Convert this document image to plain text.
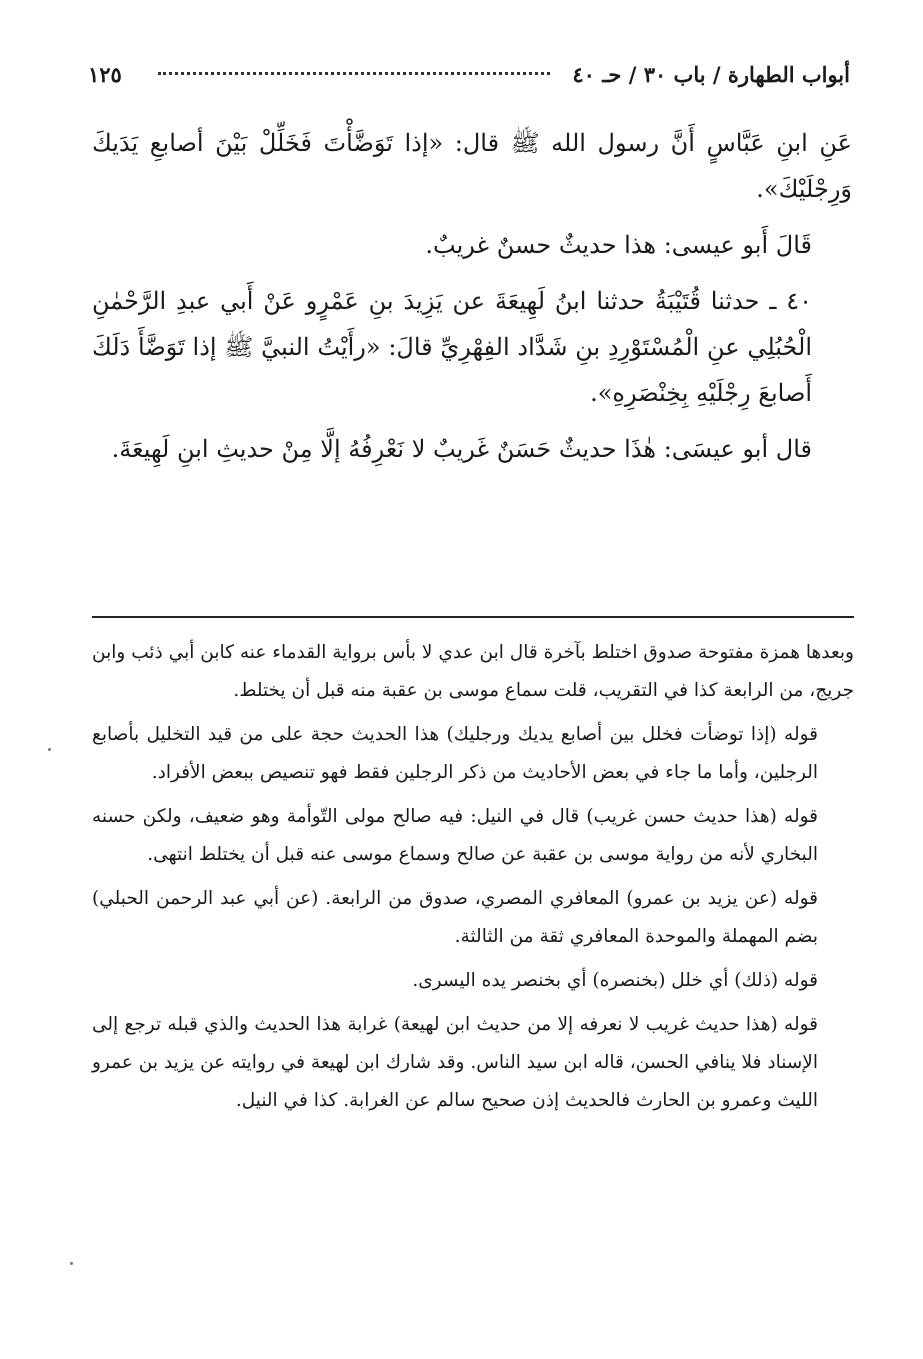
أبواب الطهارة / باب ٣٠ / حـ ٤٠
١٢٥

عَنِ ابنِ عَبَّاسٍ أَنَّ رسول الله ﷺ قال: «إذا تَوَضَّأْتَ فَخَلِّلْ بَيْنَ أصابعِ يَدَيكَ وَرِجْلَيْكَ».

قَالَ أَبو عيسى: هذا حديثٌ حسنٌ غريبٌ.

٤٠ ـ حدثنا قُتَيْبَةُ حدثنا ابنُ لَهِيعَةَ عن يَزِيدَ بنِ عَمْرٍو عَنْ أَبي عبدِ الرَّحْمٰنِ الْحُبُلِي عنِ الْمُسْتَوْرِدِ بنِ شَدَّاد الفِهْرِيِّ قالَ: «رأَيْتُ النبيَّ ﷺ إذا تَوَضَّأَ دَلَكَ أَصابعَ رِجْلَيْهِ بِخِنْصَرِهِ».

قال أبو عيسَى: هٰذَا حديثٌ حَسَنٌ غَريبٌ لا نَعْرِفُهُ إلَّا مِنْ حديثِ ابنِ لَهِيعَةَ.

وبعدها همزة مفتوحة صدوق اختلط بآخرة قال ابن عدي لا بأس برواية القدماء عنه كابن أبي ذئب وابن جريج، من الرابعة كذا في التقريب، قلت سماع موسى بن عقبة منه قبل أن يختلط.

قوله (إذا توضأت فخلل بين أصابع يديك ورجليك) هذا الحديث حجة على من قيد التخليل بأصابع الرجلين، وأما ما جاء في بعض الأحاديث من ذكر الرجلين فقط فهو تنصيص ببعض الأفراد.

قوله (هذا حديث حسن غريب) قال في النيل: فيه صالح مولى التّوأمة وهو ضعيف، ولكن حسنه البخاري لأنه من رواية موسى بن عقبة عن صالح وسماع موسى عنه قبل أن يختلط انتهى.

قوله (عن يزيد بن عمرو) المعافري المصري، صدوق من الرابعة. (عن أبي عبد الرحمن الحبلي) بضم المهملة والموحدة المعافري ثقة من الثالثة.

قوله (ذلك) أي خلل (بخنصره) أي بخنصر يده اليسرى.

قوله (هذا حديث غريب لا نعرفه إلا من حديث ابن لهيعة) غرابة هذا الحديث والذي قبله ترجع إلى الإسناد فلا ينافي الحسن، قاله ابن سيد الناس. وقد شارك ابن لهيعة في روايته عن يزيد بن عمرو الليث وعمرو بن الحارث فالحديث إذن صحيح سالم عن الغرابة. كذا في النيل.
